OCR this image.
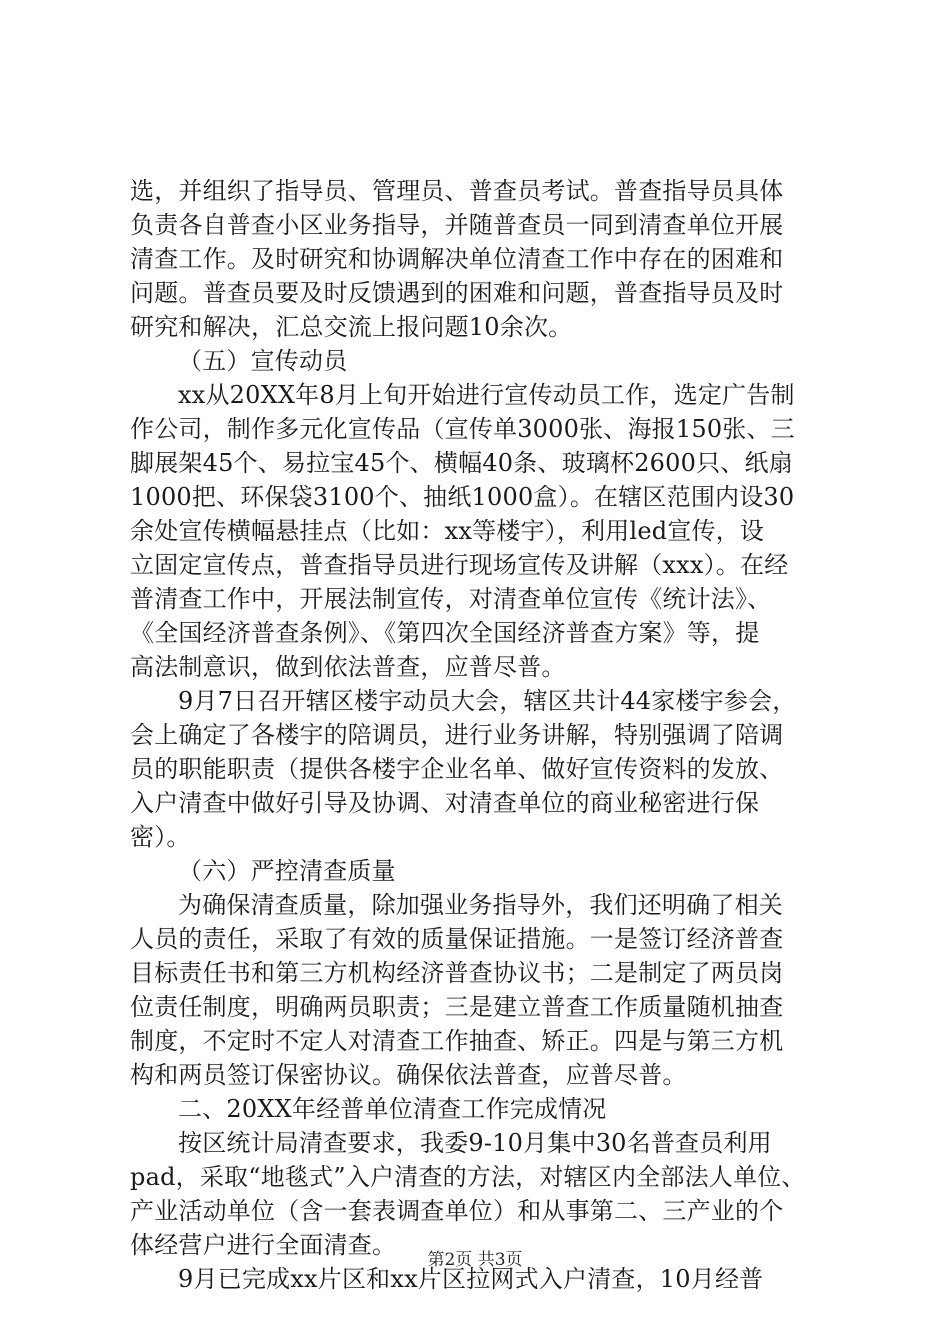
选，并组织了指导员、管理员、普查员考试。普查指导员具体
负责各自普查小区业务指导，并随普查员一同到清查单位开展
清查工作。及时研究和协调解决单位清查工作中存在的困难和
问题。普查员要及时反馈遇到的困难和问题，普查指导员及时
研究和解决，汇总交流上报问题10余次。
（五）宣传动员
xx从20XX年8月上旬开始进行宣传动员工作，选定广告制
作公司，制作多元化宣传品（宣传单3000张、海报150张、三
脚展架45个、易拉宝45个、横幅40条、玻璃杯2600只、纸扇
1000把、环保袋3100个、抽纸1000盒）。在辖区范围内设30
余处宣传横幅悬挂点（比如：xx等楼宇），利用led宣传，设
立固定宣传点，普查指导员进行现场宣传及讲解（xxx）。在经
普清查工作中，开展法制宣传，对清查单位宣传《统计法》、
《全国经济普查条例》、《第四次全国经济普查方案》等，提
高法制意识，做到依法普查，应普尽普。
9月7日召开辖区楼宇动员大会，辖区共计44家楼宇参会，
会上确定了各楼宇的陪调员，进行业务讲解，特别强调了陪调
员的职能职责（提供各楼宇企业名单、做好宣传资料的发放、
入户清查中做好引导及协调、对清查单位的商业秘密进行保
密）。
（六）严控清查质量
为确保清查质量，除加强业务指导外，我们还明确了相关
人员的责任，采取了有效的质量保证措施。一是签订经济普查
目标责任书和第三方机构经济普查协议书；二是制定了两员岗
位责任制度，明确两员职责；三是建立普查工作质量随机抽查
制度，不定时不定人对清查工作抽查、矫正。四是与第三方机
构和两员签订保密协议。确保依法普查，应普尽普。
二、20XX年经普单位清查工作完成情况
按区统计局清查要求，我委9-10月集中30名普查员利用
pad，采取“地毯式”入户清查的方法，对辖区内全部法人单位、
产业活动单位（含一套表调查单位）和从事第二、三产业的个
体经营户进行全面清查。
9月已完成xx片区和xx片区拉网式入户清查，10月经普
第2页 共3页
